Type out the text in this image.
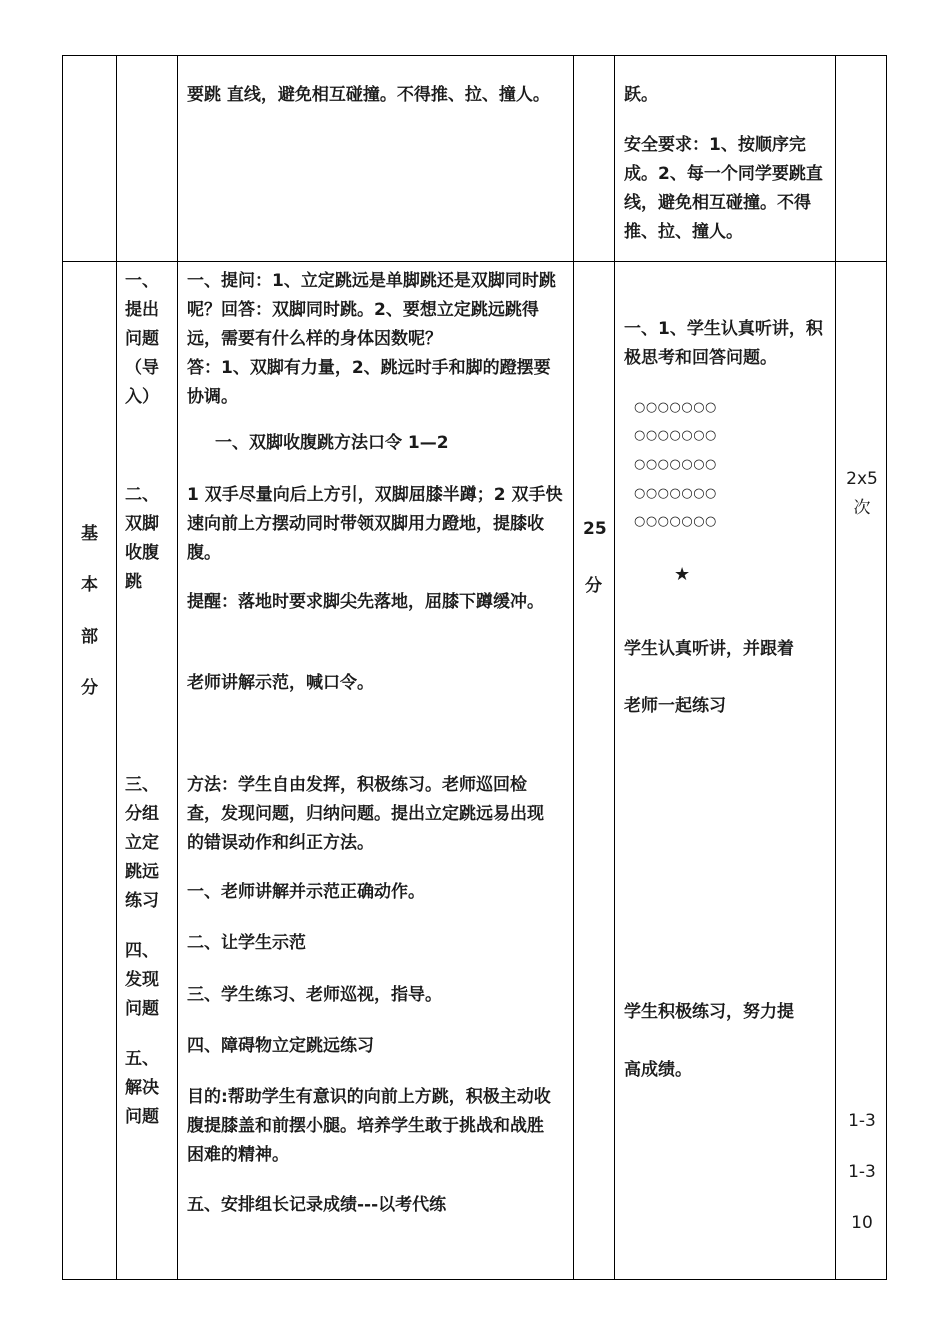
要跳 直线，避免相互碰撞。不得推、拉、撞人。	跃。

安全要求：1、按顺序完成。2、每一个同学要跳直线，避免相互碰撞。不得推、拉、撞人。

基
本
部
分

一、提出问题（导入）

二、双脚收腹跳

三、分组立定跳远练习

四、发现问题

五、解决问题

一、提问：1、立定跳远是单脚跳还是双脚同时跳呢？回答：双脚同时跳。2、要想立定跳远跳得远，需要有什么样的身体因数呢？

答：1、双脚有力量，2、跳远时手和脚的蹬摆要协调。

一、双脚收腹跳方法口令 1—2

1 双手尽量向后上方引，双脚屈膝半蹲；2 双手快速向前上方摆动同时带领双脚用力蹬地，提膝收腹。

提醒：落地时要求脚尖先落地，屈膝下蹲缓冲。

老师讲解示范，喊口令。

方法：学生自由发挥，积极练习。老师巡回检查，发现问题，归纳问题。提出立定跳远易出现的错误动作和纠正方法。

一、老师讲解并示范正确动作。

二、让学生示范

三、学生练习、老师巡视，指导。

四、障碍物立定跳远练习

目的:帮助学生有意识的向前上方跳，积极主动收腹提膝盖和前摆小腿。培养学生敢于挑战和战胜困难的精神。

五、安排组长记录成绩---以考代练

25
分

一、1、学生认真听讲，积极思考和回答问题。

○○○○○○○
○○○○○○○
○○○○○○○
○○○○○○○
○○○○○○○
★

学生认真听讲，并跟着

老师一起练习

学生积极练习，努力提

高成绩。

2x5次

1-3

1-3

10
